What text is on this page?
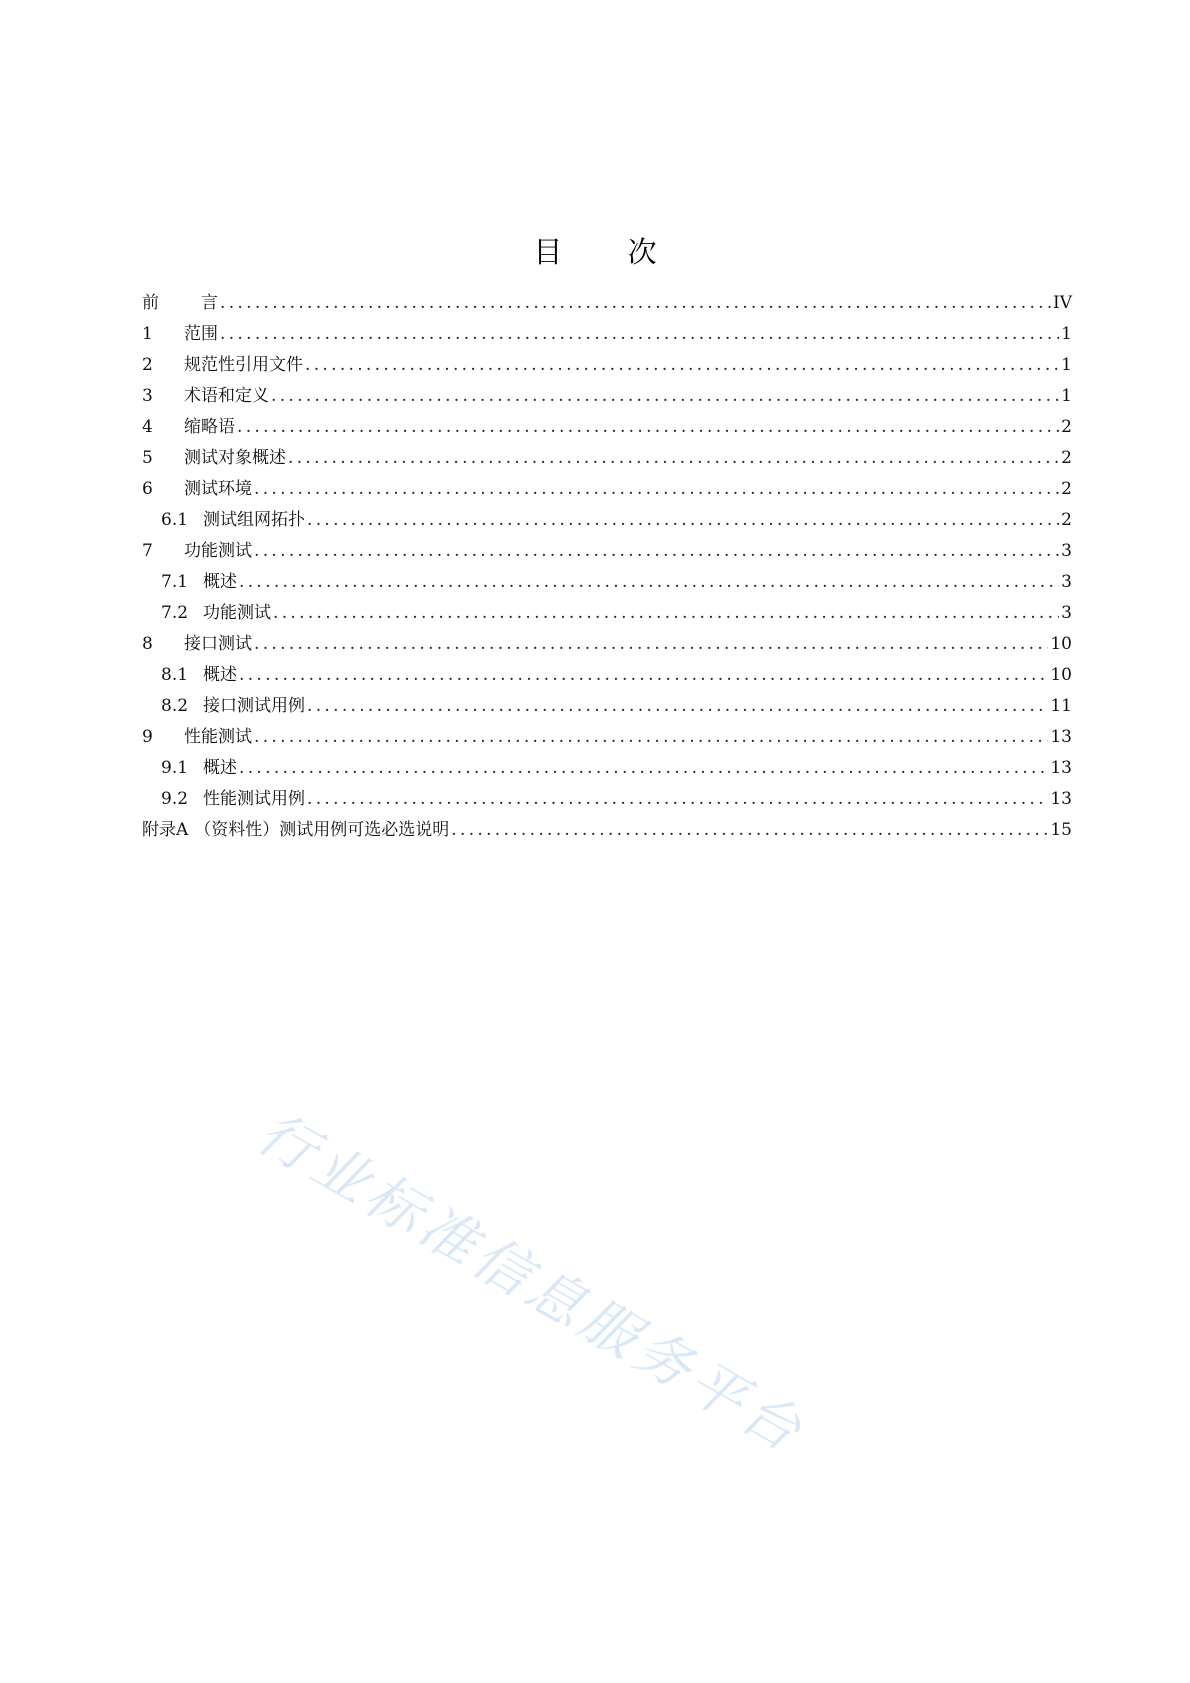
目 次
前 言 .....	IV
1	范围 .....	1
2	规范性引用文件 .....	1
3	术语和定义 .....	1
4	缩略语 .....	2
5	测试对象概述 .....	2
6	测试环境 .....	2
6.1 测试组网拓扑 .....	2
7	功能测试 .....	3
7.1 概述 .....	3
7.2 功能测试 .....	3
8	接口测试 .....	10
8.1 概述 .....	10
8.2 接口测试用例 .....	11
9	性能测试 .....	13
9.1 概述 .....	13
9.2 性能测试用例 .....	13
附录A （资料性）测试用例可选必选说明 .....	15
行业标准信息服务平台
